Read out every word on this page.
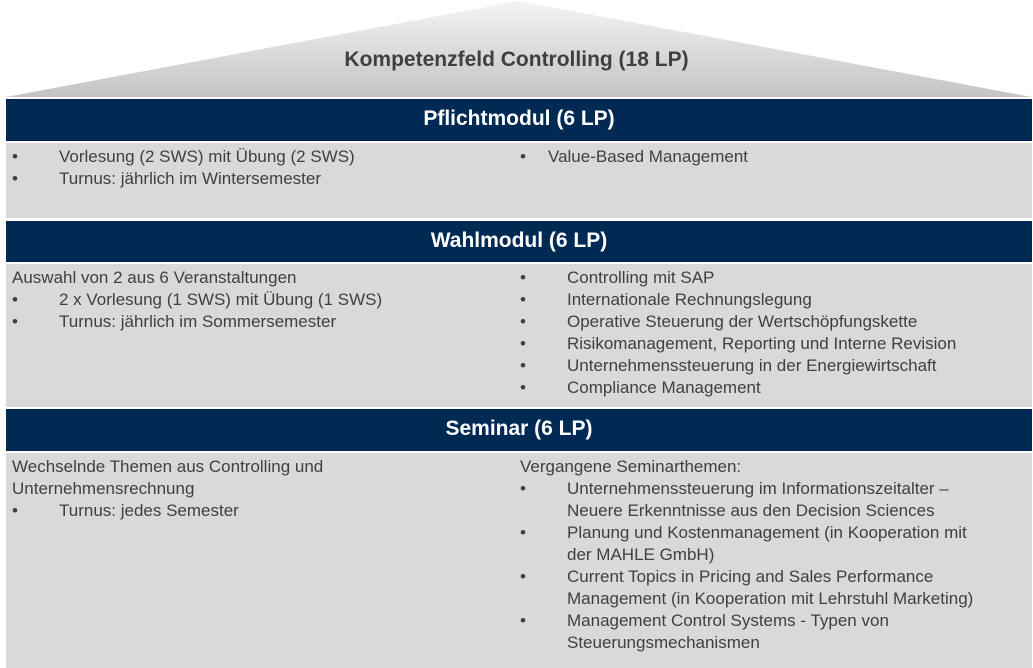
Kompetenzfeld Controlling (18 LP)
Pflichtmodul (6 LP)
• Vorlesung (2 SWS) mit Übung (2 SWS)
• Turnus: jährlich im Wintersemester
• Value-Based Management
Wahlmodul (6 LP)
Auswahl von 2 aus 6 Veranstaltungen
• 2 x Vorlesung (1 SWS) mit Übung (1 SWS)
• Turnus: jährlich im Sommersemester
• Controlling mit SAP
• Internationale Rechnungslegung
• Operative Steuerung der Wertschöpfungskette
• Risikomanagement, Reporting und Interne Revision
• Unternehmenssteuerung in der Energiewirtschaft
• Compliance Management
Seminar (6 LP)
Wechselnde Themen aus Controlling und
Unternehmensrechnung
• Turnus: jedes Semester
Vergangene Seminarthemen:
• Unternehmenssteuerung im Informationszeitalter –
Neuere Erkenntnisse aus den Decision Sciences
• Planung und Kostenmanagement (in Kooperation mit
der MAHLE GmbH)
• Current Topics in Pricing and Sales Performance
Management (in Kooperation mit Lehrstuhl Marketing)
• Management Control Systems - Typen von
Steuerungsmechanismen
